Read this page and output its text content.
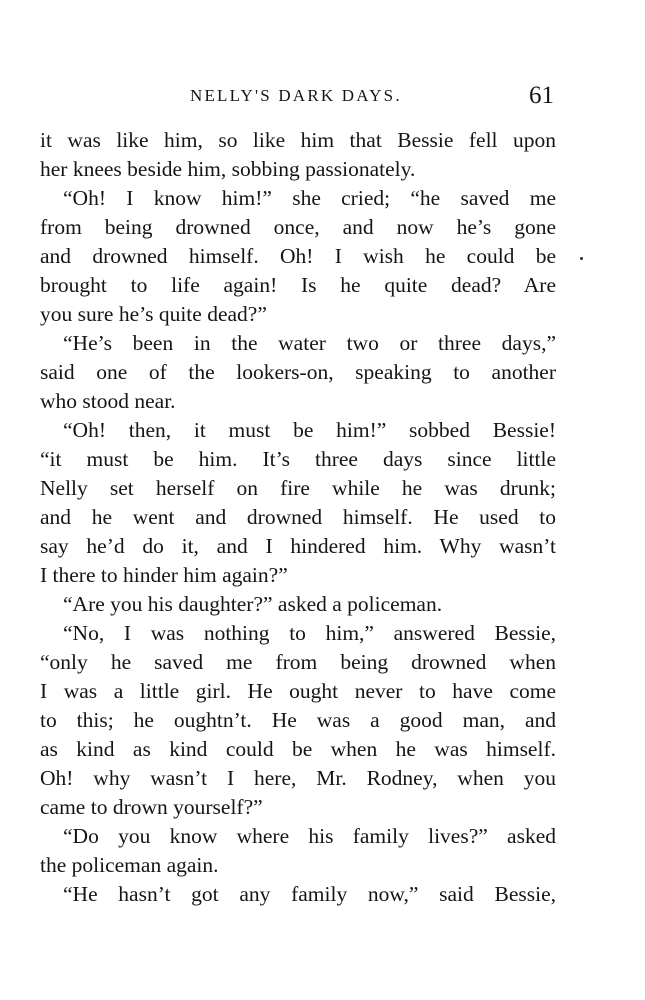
NELLY'S DARK DAYS.	61
it was like him, so like him that Bessie fell upon
her knees beside him, sobbing passionately.
“Oh! I know him!” she cried; “he saved me
from being drowned once, and now he’s gone
and drowned himself. Oh! I wish he could be
brought to life again! Is he quite dead? Are
you sure he’s quite dead?”
“He’s been in the water two or three days,”
said one of the lookers-on, speaking to another
who stood near.
“Oh! then, it must be him!” sobbed Bessie!
“it must be him. It’s three days since little
Nelly set herself on fire while he was drunk;
and he went and drowned himself. He used to
say he’d do it, and I hindered him. Why wasn’t
I there to hinder him again?”
“Are you his daughter?” asked a policeman.
“No, I was nothing to him,” answered Bessie,
“only he saved me from being drowned when
I was a little girl. He ought never to have come
to this; he oughtn’t. He was a good man, and
as kind as kind could be when he was himself.
Oh! why wasn’t I here, Mr. Rodney, when you
came to drown yourself?”
“Do you know where his family lives?” asked
the policeman again.
“He hasn’t got any family now,” said Bessie,
